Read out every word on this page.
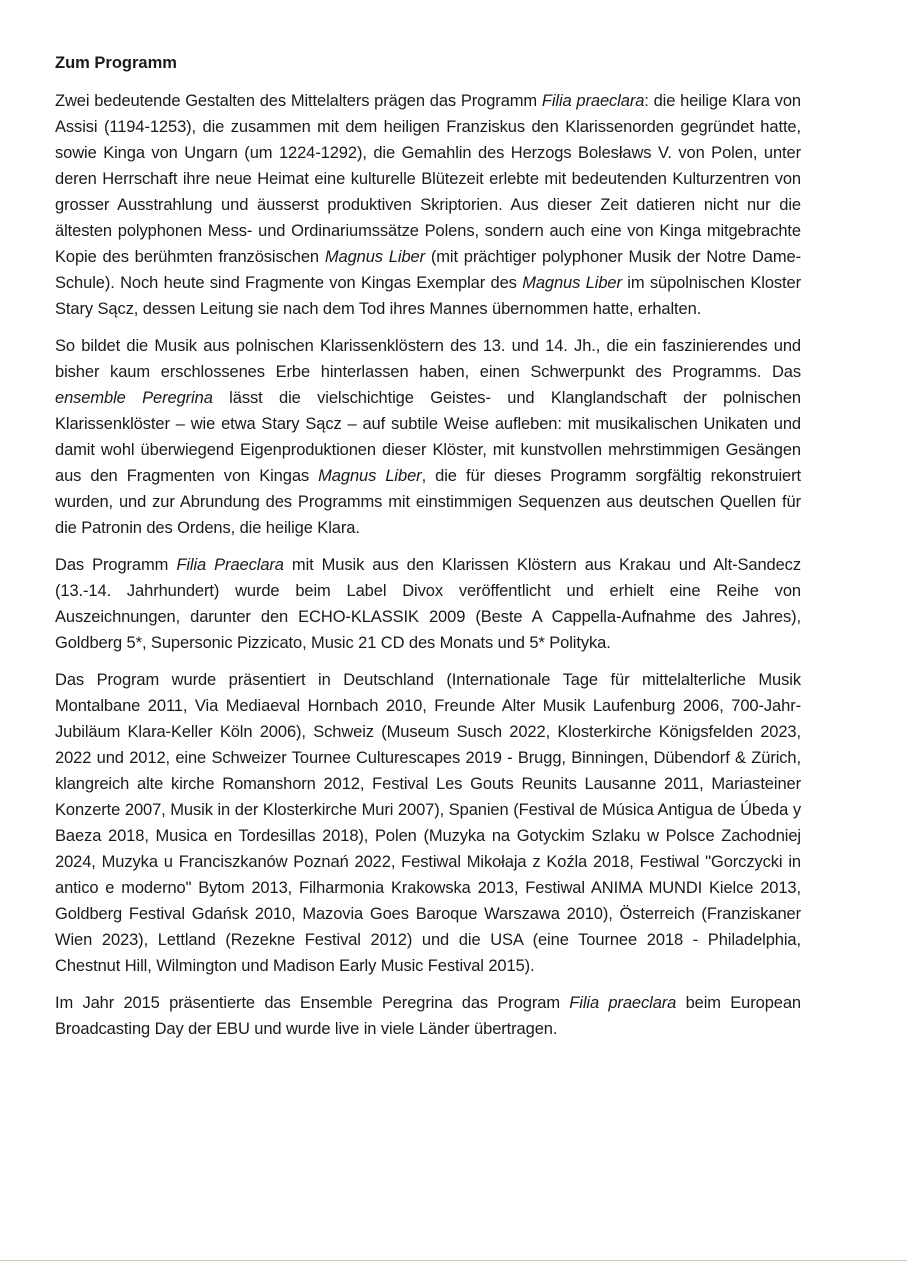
Zum Programm

Zwei bedeutende Gestalten des Mittelalters prägen das Programm Filia praeclara: die heilige Klara von Assisi (1194-1253), die zusammen mit dem heiligen Franziskus den Klarissenorden gegründet hatte, sowie Kinga von Ungarn (um 1224-1292), die Gemahlin des Herzogs Bolesławs V. von Polen, unter deren Herrschaft ihre neue Heimat eine kulturelle Blütezeit erlebte mit bedeutenden Kulturzentren von grosser Ausstrahlung und äusserst produktiven Skriptorien. Aus dieser Zeit datieren nicht nur die ältesten polyphonen Mess- und Ordinariumssätze Polens, sondern auch eine von Kinga mitgebrachte Kopie des berühmten französischen Magnus Liber (mit prächtiger polyphoner Musik der Notre Dame-Schule). Noch heute sind Fragmente von Kingas Exemplar des Magnus Liber im süpolnischen Kloster Stary Sącz, dessen Leitung sie nach dem Tod ihres Mannes übernommen hatte, erhalten.

So bildet die Musik aus polnischen Klarissenklöstern des 13. und 14. Jh., die ein faszinierendes und bisher kaum erschlossenes Erbe hinterlassen haben, einen Schwerpunkt des Programms. Das ensemble Peregrina lässt die vielschichtige Geistes- und Klanglandschaft der polnischen Klarissenklöster – wie etwa Stary Sącz – auf subtile Weise aufleben: mit musikalischen Unikaten und damit wohl überwiegend Eigenproduktionen dieser Klöster, mit kunstvollen mehrstimmigen Gesängen aus den Fragmenten von Kingas Magnus Liber, die für dieses Programm sorgfältig rekonstruiert wurden, und zur Abrundung des Programms mit einstimmigen Sequenzen aus deutschen Quellen für die Patronin des Ordens, die heilige Klara.

Das Programm Filia Praeclara mit Musik aus den Klarissen Klöstern aus Krakau und Alt-Sandecz (13.-14. Jahrhundert) wurde beim Label Divox veröffentlicht und erhielt eine Reihe von Auszeichnungen, darunter den ECHO-KLASSIK 2009 (Beste A Cappella-Aufnahme des Jahres), Goldberg 5*, Supersonic Pizzicato, Music 21 CD des Monats und 5* Polityka.

Das Program wurde präsentiert in Deutschland (Internationale Tage für mittelalterliche Musik Montalbane 2011, Via Mediaeval Hornbach 2010, Freunde Alter Musik Laufenburg 2006, 700-Jahr-Jubiläum Klara-Keller Köln 2006), Schweiz (Museum Susch 2022, Klosterkirche Königsfelden 2023, 2022 und 2012, eine Schweizer Tournee Culturescapes 2019 - Brugg, Binningen, Dübendorf & Zürich, klangreich alte kirche Romanshorn 2012, Festival Les Gouts Reunits Lausanne 2011, Mariasteiner Konzerte 2007, Musik in der Klosterkirche Muri 2007), Spanien (Festival de Música Antigua de Úbeda y Baeza 2018, Musica en Tordesillas 2018), Polen (Muzyka na Gotyckim Szlaku w Polsce Zachodniej 2024, Muzyka u Franciszkanów Poznań 2022, Festiwal Mikołaja z Koźla 2018, Festiwal "Gorczycki in antico e moderno" Bytom 2013, Filharmonia Krakowska 2013, Festiwal ANIMA MUNDI Kielce 2013, Goldberg Festival Gdańsk 2010, Mazovia Goes Baroque Warszawa 2010), Österreich (Franziskaner Wien 2023), Lettland (Rezekne Festival 2012) und die USA (eine Tournee 2018 - Philadelphia, Chestnut Hill, Wilmington und Madison Early Music Festival 2015).

Im Jahr 2015 präsentierte das Ensemble Peregrina das Program Filia praeclara beim European Broadcasting Day der EBU und wurde live in viele Länder übertragen.
